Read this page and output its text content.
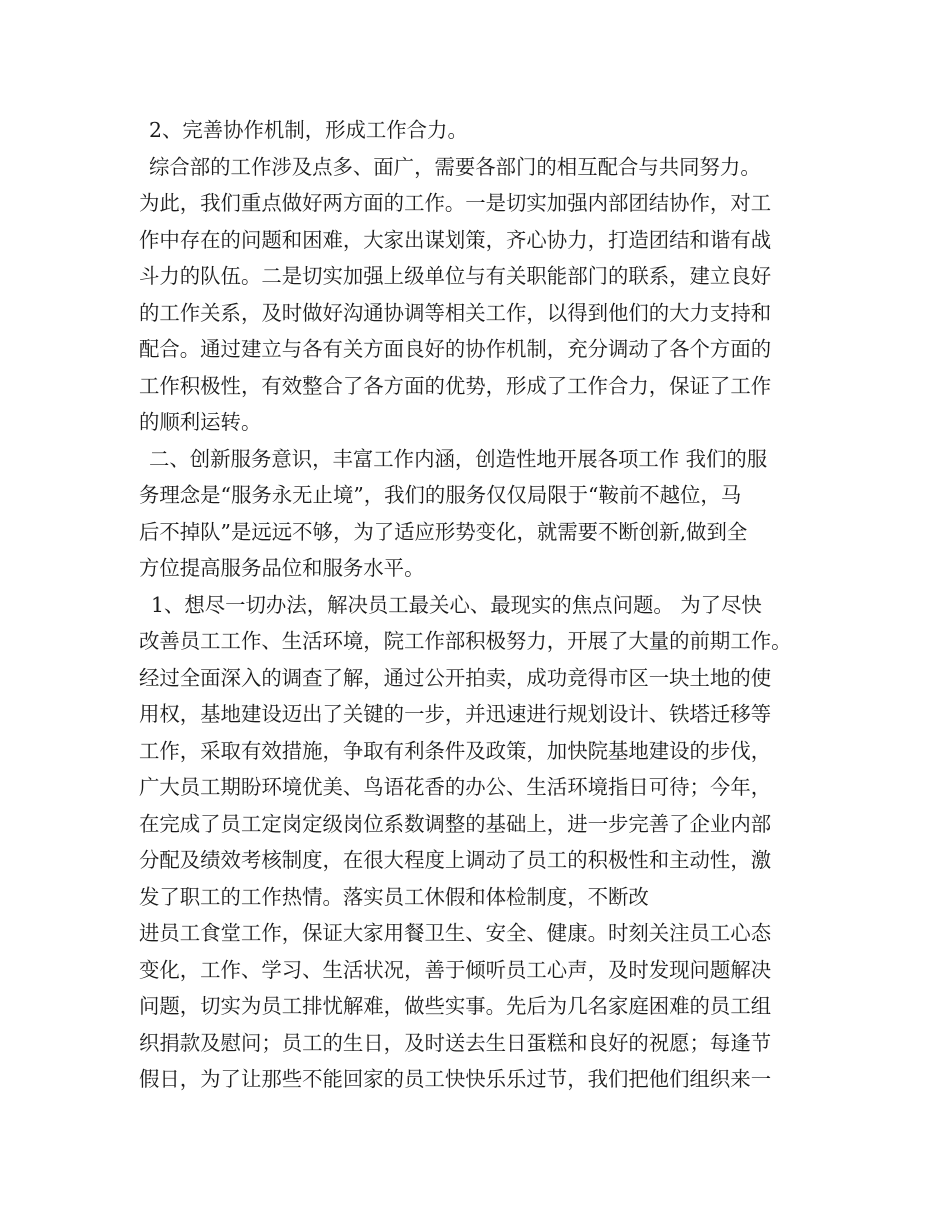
2、完善协作机制，形成工作合力。
综合部的工作涉及点多、面广，需要各部门的相互配合与共同努力。
为此，我们重点做好两方面的工作。一是切实加强内部团结协作，对工
作中存在的问题和困难，大家出谋划策，齐心协力，打造团结和谐有战
斗力的队伍。二是切实加强上级单位与有关职能部门的联系，建立良好
的工作关系，及时做好沟通协调等相关工作，以得到他们的大力支持和
配合。通过建立与各有关方面良好的协作机制，充分调动了各个方面的
工作积极性，有效整合了各方面的优势，形成了工作合力，保证了工作
的顺利运转。
二、创新服务意识，丰富工作内涵，创造性地开展各项工作 我们的服
务理念是“服务永无止境”，我们的服务仅仅局限于“鞍前不越位，马
后不掉队”是远远不够，为了适应形势变化，就需要不断创新,做到全
方位提高服务品位和服务水平。
1、想尽一切办法，解决员工最关心、最现实的焦点问题。 为了尽快
改善员工工作、生活环境，院工作部积极努力，开展了大量的前期工作。
经过全面深入的调查了解，通过公开拍卖，成功竞得市区一块土地的使
用权，基地建设迈出了关键的一步，并迅速进行规划设计、铁塔迁移等
工作，采取有效措施，争取有利条件及政策，加快院基地建设的步伐，
广大员工期盼环境优美、鸟语花香的办公、生活环境指日可待；今年，
在完成了员工定岗定级岗位系数调整的基础上，进一步完善了企业内部
分配及绩效考核制度，在很大程度上调动了员工的积极性和主动性，激
发了职工的工作热情。落实员工休假和体检制度，不断改
进员工食堂工作，保证大家用餐卫生、安全、健康。时刻关注员工心态
变化，工作、学习、生活状况，善于倾听员工心声，及时发现问题解决
问题，切实为员工排忧解难，做些实事。先后为几名家庭困难的员工组
织捐款及慰问；员工的生日，及时送去生日蛋糕和良好的祝愿；每逢节
假日，为了让那些不能回家的员工快快乐乐过节，我们把他们组织来一
